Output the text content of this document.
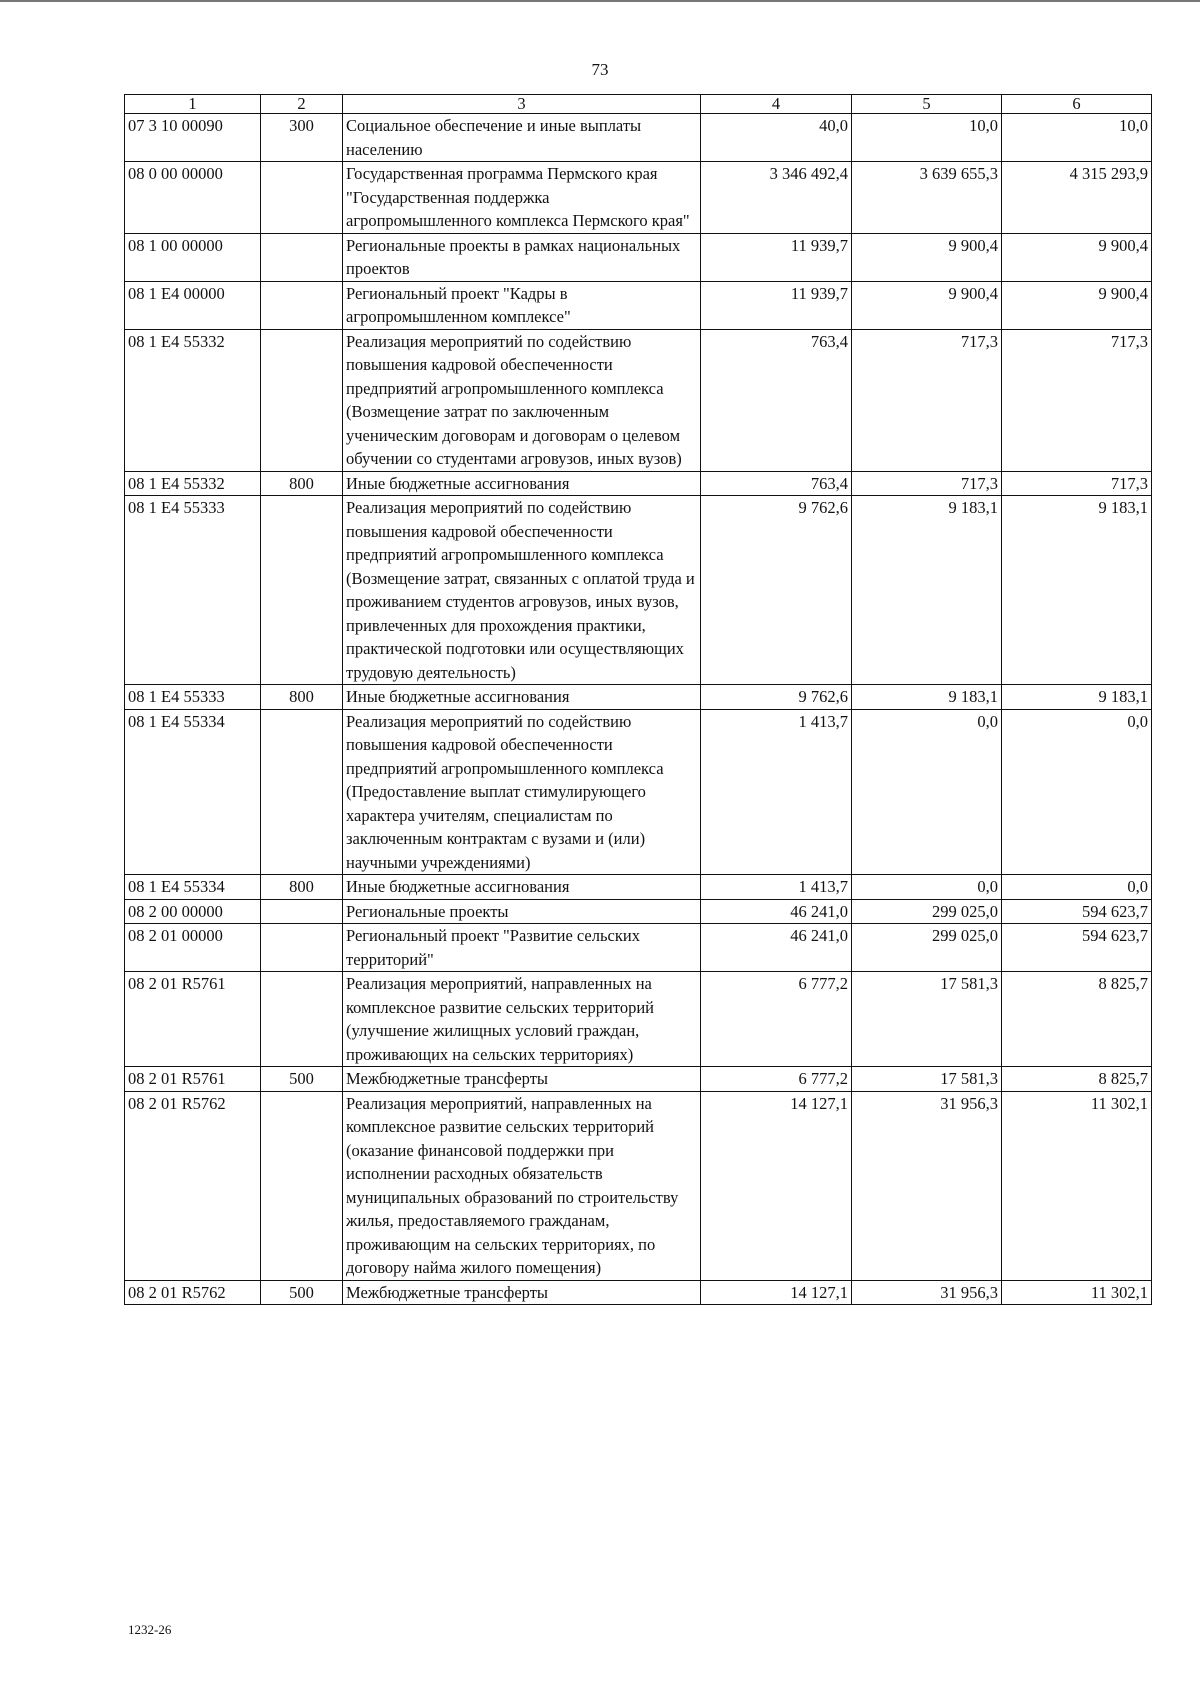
73
1	2	3	4	5	6
07 3 10 00090	300	Социальное обеспечение и иные выплаты населению	40,0	10,0	10,0
08 0 00 00000		Государственная программа Пермского края "Государственная поддержка агропромышленного комплекса Пермского края"	3 346 492,4	3 639 655,3	4 315 293,9
08 1 00 00000		Региональные проекты в рамках национальных проектов	11 939,7	9 900,4	9 900,4
08 1 E4 00000		Региональный проект "Кадры в агропромышленном комплексе"	11 939,7	9 900,4	9 900,4
08 1 E4 55332		Реализация мероприятий по содействию повышения кадровой обеспеченности предприятий агропромышленного комплекса (Возмещение затрат по заключенным ученическим договорам и договорам о целевом обучении со студентами агровузов, иных вузов)	763,4	717,3	717,3
08 1 E4 55332	800	Иные бюджетные ассигнования	763,4	717,3	717,3
08 1 E4 55333		Реализация мероприятий по содействию повышения кадровой обеспеченности предприятий агропромышленного комплекса (Возмещение затрат, связанных с оплатой труда и проживанием студентов агровузов, иных вузов, привлеченных для прохождения практики, практической подготовки или осуществляющих трудовую деятельность)	9 762,6	9 183,1	9 183,1
08 1 E4 55333	800	Иные бюджетные ассигнования	9 762,6	9 183,1	9 183,1
08 1 E4 55334		Реализация мероприятий по содействию повышения кадровой обеспеченности предприятий агропромышленного комплекса (Предоставление выплат стимулирующего характера учителям, специалистам по заключенным контрактам с вузами и (или) научными учреждениями)	1 413,7	0,0	0,0
08 1 E4 55334	800	Иные бюджетные ассигнования	1 413,7	0,0	0,0
08 2 00 00000		Региональные проекты	46 241,0	299 025,0	594 623,7
08 2 01 00000		Региональный проект "Развитие сельских территорий"	46 241,0	299 025,0	594 623,7
08 2 01 R5761		Реализация мероприятий, направленных на комплексное развитие сельских территорий (улучшение жилищных условий граждан, проживающих на сельских территориях)	6 777,2	17 581,3	8 825,7
08 2 01 R5761	500	Межбюджетные трансферты	6 777,2	17 581,3	8 825,7
08 2 01 R5762		Реализация мероприятий, направленных на комплексное развитие сельских территорий (оказание финансовой поддержки при исполнении расходных обязательств муниципальных образований по строительству жилья, предоставляемого гражданам, проживающим на сельских территориях, по договору найма жилого помещения)	14 127,1	31 956,3	11 302,1
08 2 01 R5762	500	Межбюджетные трансферты	14 127,1	31 956,3	11 302,1
1232-26
